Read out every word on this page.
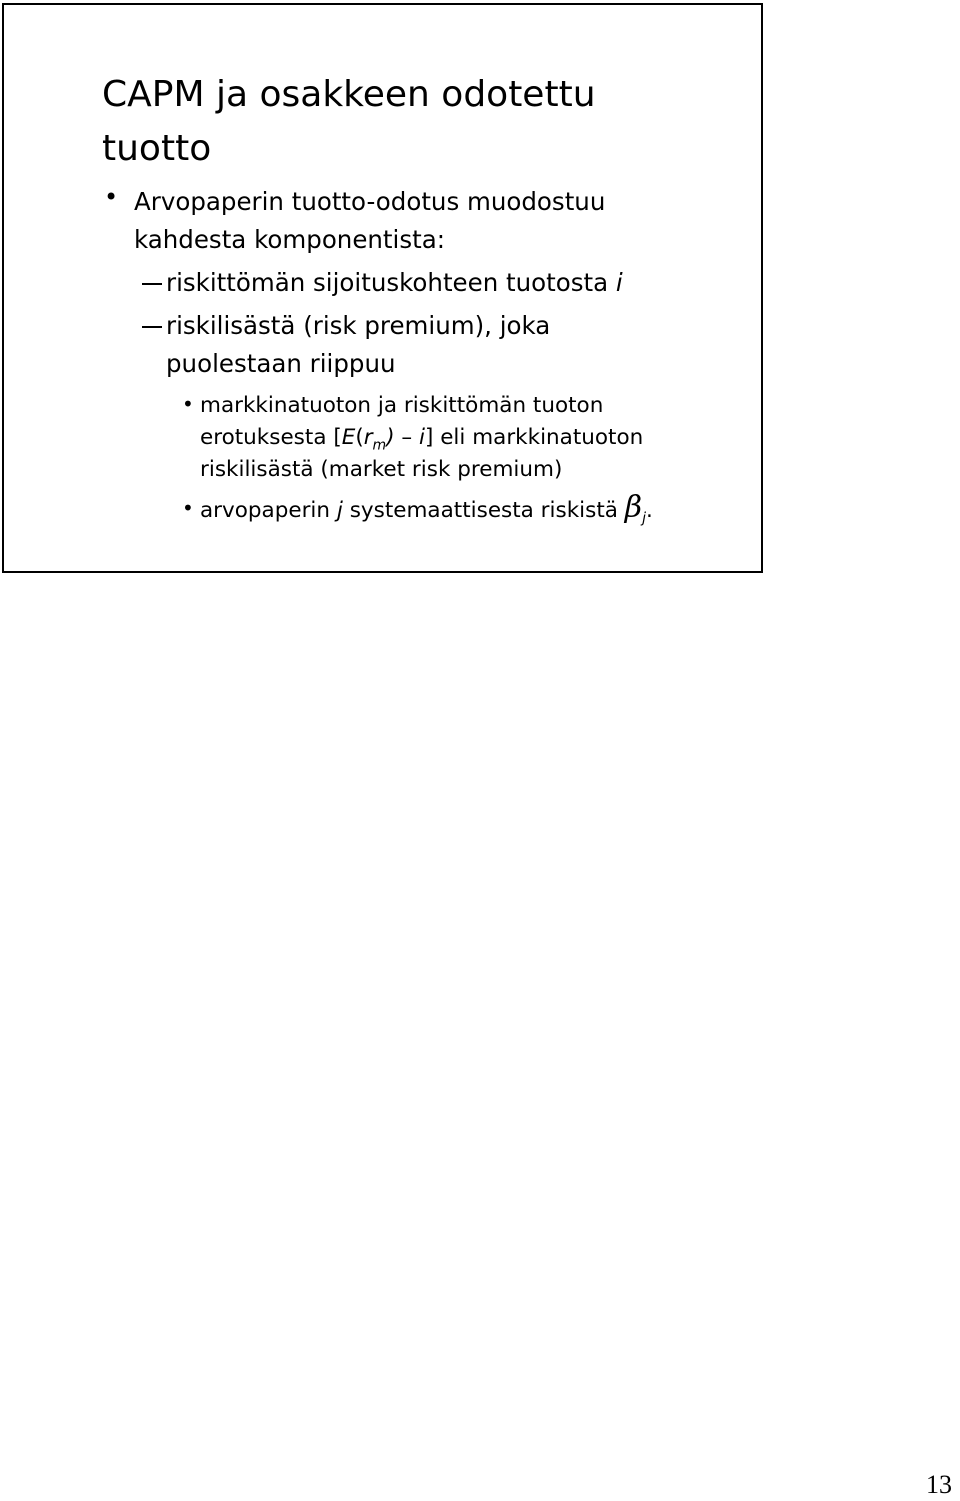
CAPM ja osakkeen odotettu tuotto
• Arvopaperin tuotto-odotus muodostuu kahdesta komponentista:
riskittömän sijoituskohteen tuotosta i
riskilisästä (risk premium), joka
puolestaan riippuu
• markkinatuoton ja riskittömän tuoton
erotuksesta $[E(r_m) - i]$ eli markkinatuoton
riskilisästä (market risk premium)
• arvopaperin j systemaattisesta riskistä $\beta_j$.
13
